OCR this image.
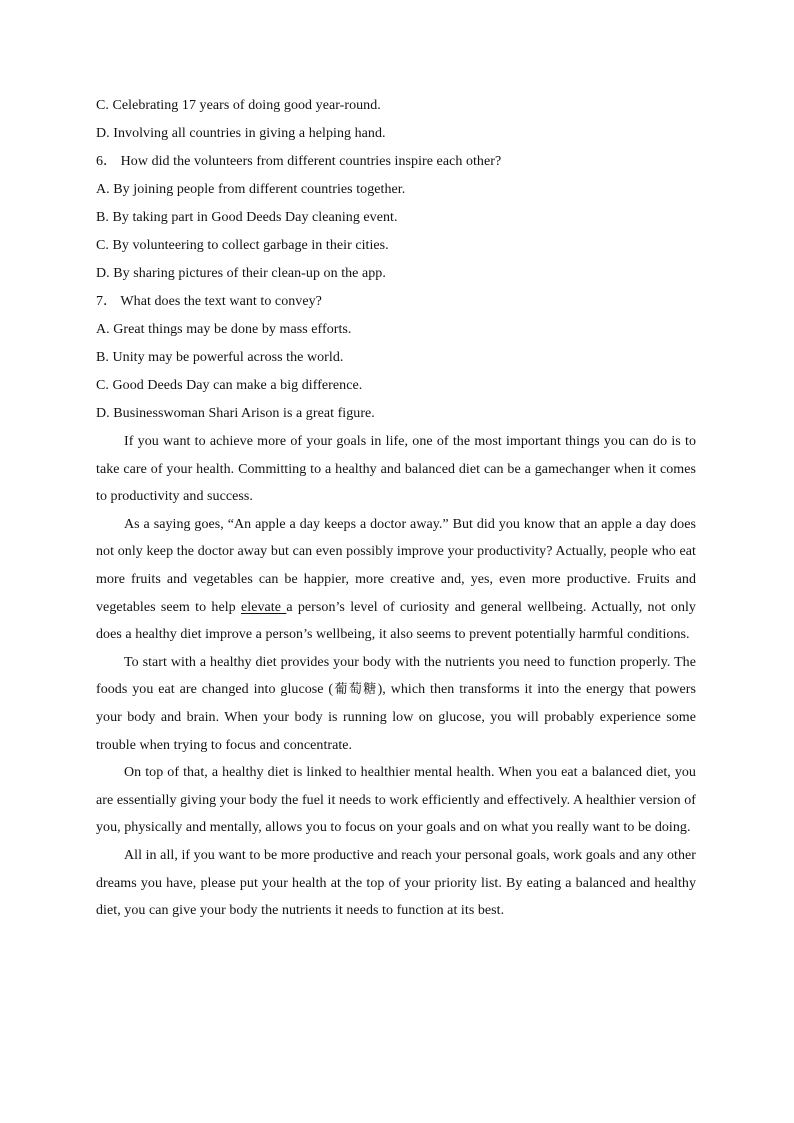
C. Celebrating 17 years of doing good year-round.
D. Involving all countries in giving a helping hand.
6． How did the volunteers from different countries inspire each other?
A. By joining people from different countries together.
B. By taking part in Good Deeds Day cleaning event.
C. By volunteering to collect garbage in their cities.
D. By sharing pictures of their clean-up on the app.
7． What does the text want to convey?
A. Great things may be done by mass efforts.
B. Unity may be powerful across the world.
C. Good Deeds Day can make a big difference.
D. Businesswoman Shari Arison is a great figure.

If you want to achieve more of your goals in life, one of the most important things you can do is to take care of your health. Committing to a healthy and balanced diet can be a gamechanger when it comes to productivity and success.

As a saying goes, “An apple a day keeps a doctor away.” But did you know that an apple a day does not only keep the doctor away but can even possibly improve your productivity? Actually, people who eat more fruits and vegetables can be happier, more creative and, yes, even more productive. Fruits and vegetables seem to help elevate a person’s level of curiosity and general wellbeing. Actually, not only does a healthy diet improve a person’s wellbeing, it also seems to prevent potentially harmful conditions.

To start with a healthy diet provides your body with the nutrients you need to function properly. The foods you eat are changed into glucose (葡萄糖), which then transforms it into the energy that powers your body and brain. When your body is running low on glucose, you will probably experience some trouble when trying to focus and concentrate.

On top of that, a healthy diet is linked to healthier mental health. When you eat a balanced diet, you are essentially giving your body the fuel it needs to work efficiently and effectively. A healthier version of you, physically and mentally, allows you to focus on your goals and on what you really want to be doing.

All in all, if you want to be more productive and reach your personal goals, work goals and any other dreams you have, please put your health at the top of your priority list. By eating a balanced and healthy diet, you can give your body the nutrients it needs to function at its best.
